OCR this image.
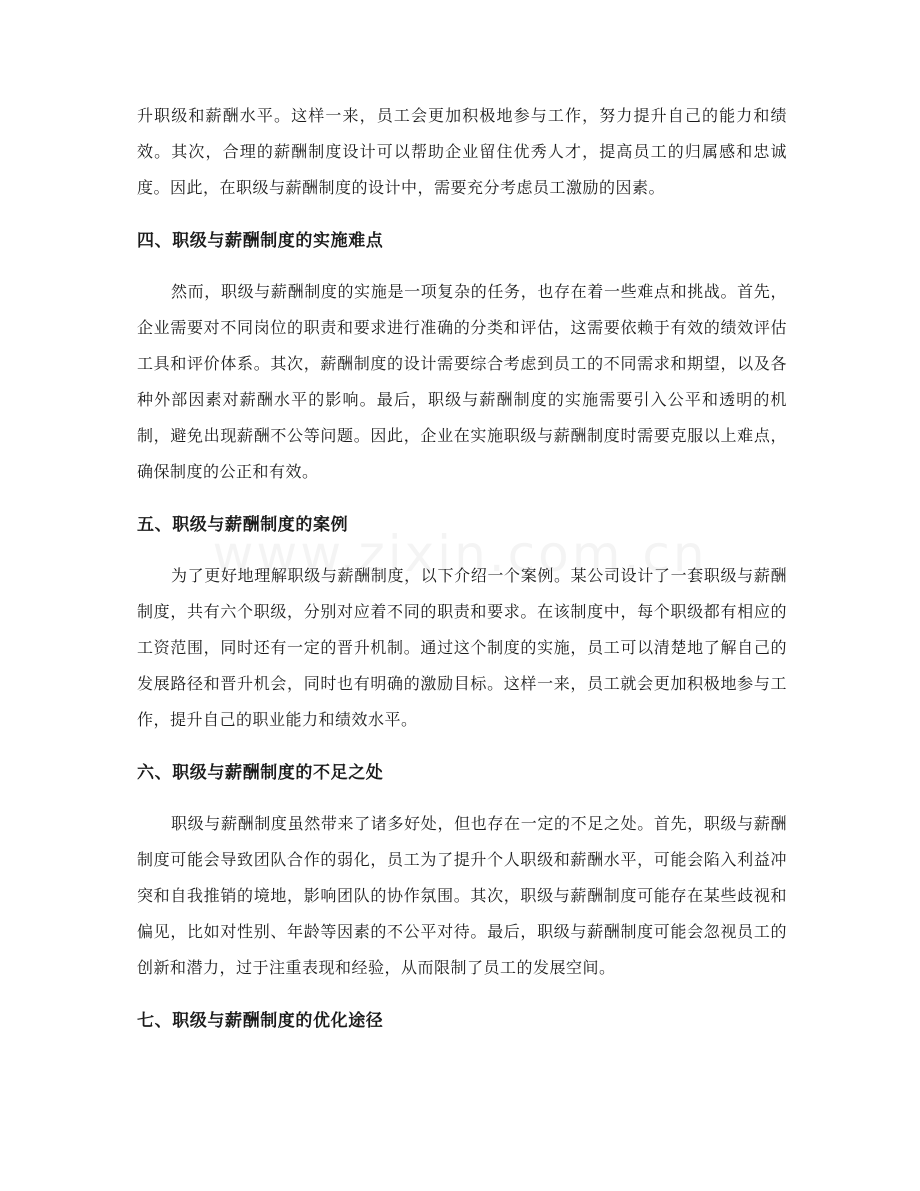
升职级和薪酬水平。这样一来，员工会更加积极地参与工作，努力提升自己的能力和绩效。其次，合理的薪酬制度设计可以帮助企业留住优秀人才，提高员工的归属感和忠诚度。因此，在职级与薪酬制度的设计中，需要充分考虑员工激励的因素。

四、职级与薪酬制度的实施难点

然而，职级与薪酬制度的实施是一项复杂的任务，也存在着一些难点和挑战。首先，企业需要对不同岗位的职责和要求进行准确的分类和评估，这需要依赖于有效的绩效评估工具和评价体系。其次，薪酬制度的设计需要综合考虑到员工的不同需求和期望，以及各种外部因素对薪酬水平的影响。最后，职级与薪酬制度的实施需要引入公平和透明的机制，避免出现薪酬不公等问题。因此，企业在实施职级与薪酬制度时需要克服以上难点，确保制度的公正和有效。

五、职级与薪酬制度的案例

为了更好地理解职级与薪酬制度，以下介绍一个案例。某公司设计了一套职级与薪酬制度，共有六个职级，分别对应着不同的职责和要求。在该制度中，每个职级都有相应的工资范围，同时还有一定的晋升机制。通过这个制度的实施，员工可以清楚地了解自己的发展路径和晋升机会，同时也有明确的激励目标。这样一来，员工就会更加积极地参与工作，提升自己的职业能力和绩效水平。

六、职级与薪酬制度的不足之处

职级与薪酬制度虽然带来了诸多好处，但也存在一定的不足之处。首先，职级与薪酬制度可能会导致团队合作的弱化，员工为了提升个人职级和薪酬水平，可能会陷入利益冲突和自我推销的境地，影响团队的协作氛围。其次，职级与薪酬制度可能存在某些歧视和偏见，比如对性别、年龄等因素的不公平对待。最后，职级与薪酬制度可能会忽视员工的创新和潜力，过于注重表现和经验，从而限制了员工的发展空间。

七、职级与薪酬制度的优化途径
